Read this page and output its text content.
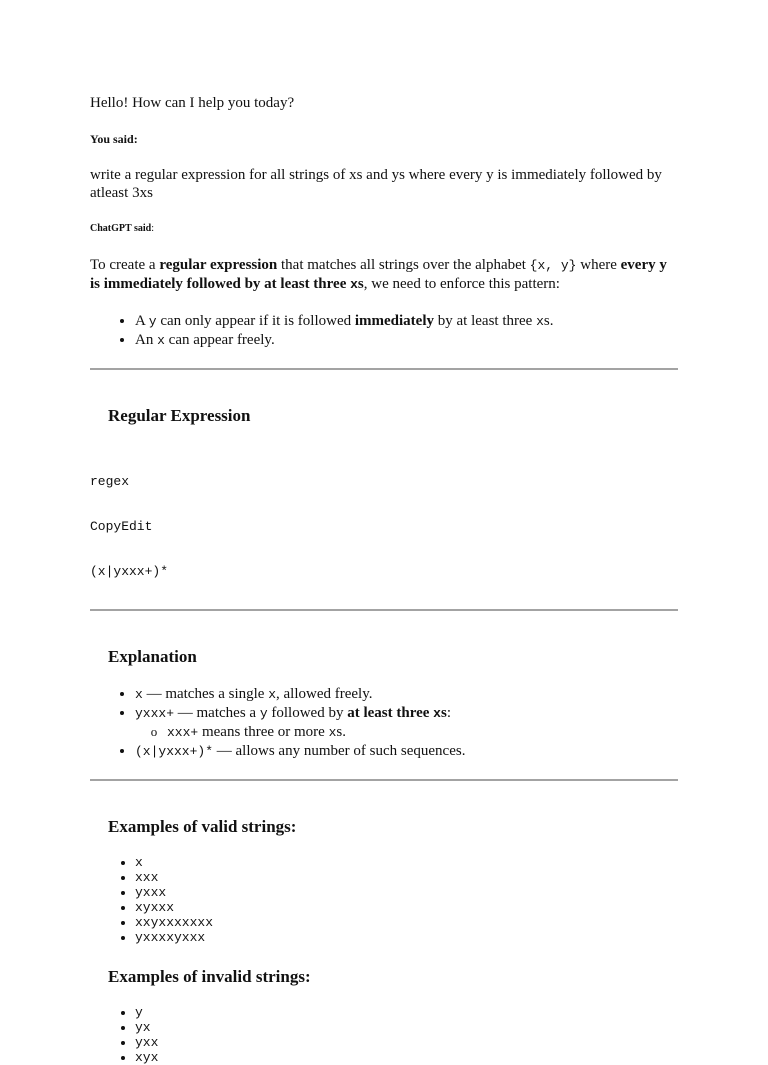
Hello! How can I help you today?

You said:

write a regular expression for all strings of xs and ys where every y is immediately followed by atleast 3xs

ChatGPT said:

To create a regular expression that matches all strings over the alphabet {x, y} where every y is immediately followed by at least three xs, we need to enforce this pattern:

• A y can only appear if it is followed immediately by at least three xs.
• An x can appear freely.
Regular Expression

regex

CopyEdit

(x|yxxx+)*

Explanation
• x — matches a single x, allowed freely.
• yxxx+ — matches a y followed by at least three xs:
◦ xxx+ means three or more xs.
• (x|yxxx+)* — allows any number of such sequences.
Examples of valid strings:
• x
• xxx
• yxxx
• xyxxx
• xxyxxxxxxx
• yxxxxyxxx
Examples of invalid strings:
• y
• yx
• yxx
• xyx
